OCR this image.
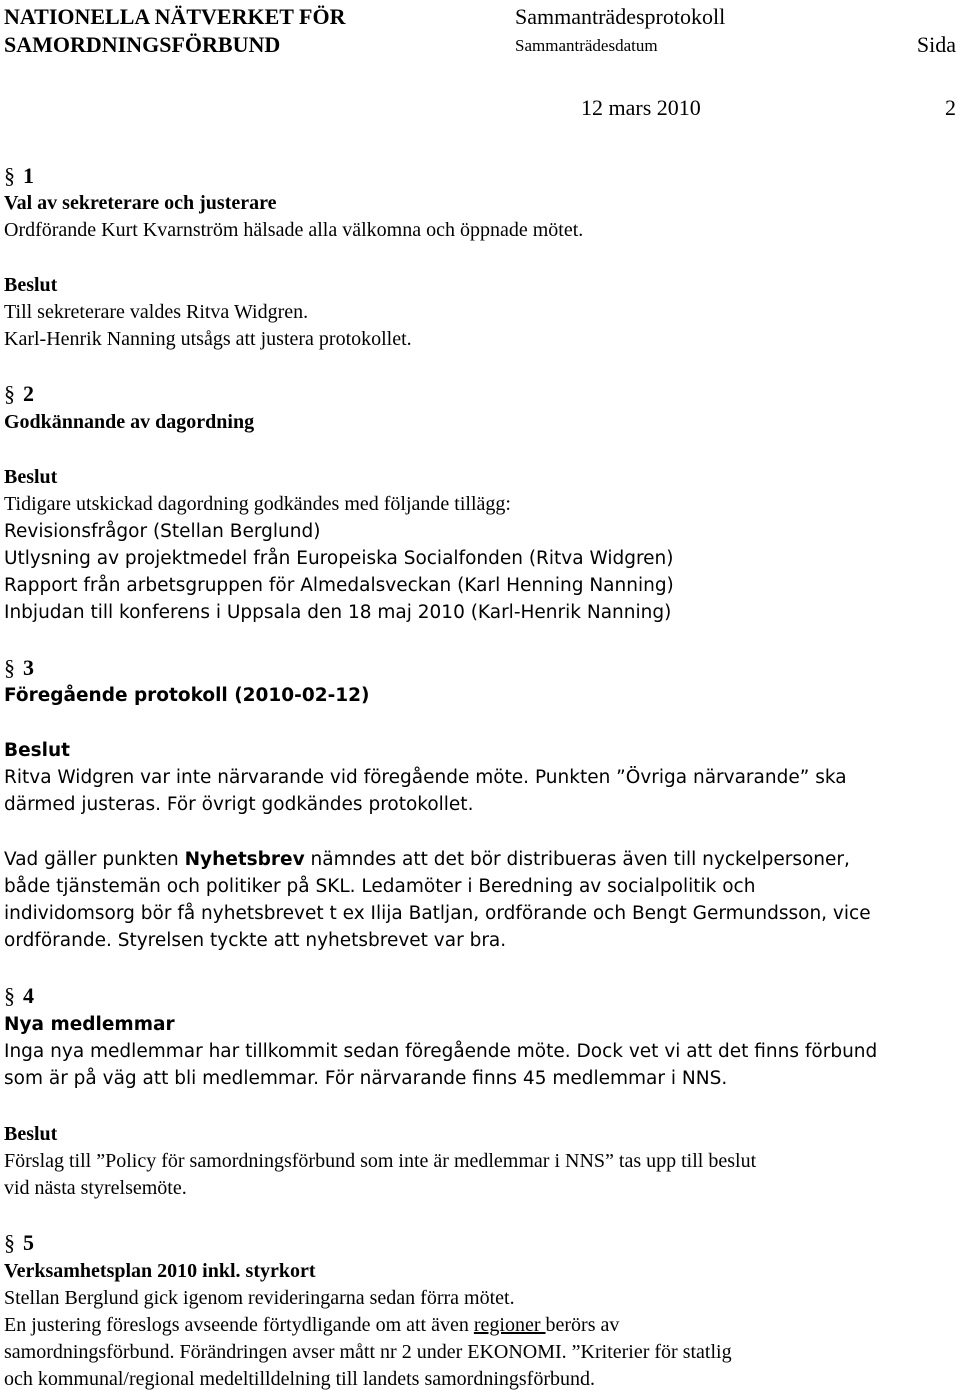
NATIONELLA NÄTVERKET FÖR
SAMORDNINGSFÖRBUND
Sammanträdesprotokoll
Sammanträdesdatum	Sida
12 mars 2010	2
§ 1
Val av sekreterare och justerare
Ordförande Kurt Kvarnström hälsade alla välkomna och öppnade mötet.
Beslut
Till sekreterare valdes Ritva Widgren.
Karl-Henrik Nanning utsågs att justera protokollet.
§ 2
Godkännande av dagordning
Beslut
Tidigare utskickad dagordning godkändes med följande tillägg:
Revisionsfrågor (Stellan Berglund)
Utlysning av projektmedel från Europeiska Socialfonden (Ritva Widgren)
Rapport från arbetsgruppen för Almedalsveckan (Karl Henning Nanning)
Inbjudan till konferens i Uppsala den 18 maj 2010 (Karl-Henrik Nanning)
§ 3
Föregående protokoll (2010-02-12)
Beslut
Ritva Widgren var inte närvarande vid föregående möte. Punkten ”Övriga närvarande” ska
därmed justeras. För övrigt godkändes protokollet.
Vad gäller punkten Nyhetsbrev nämndes att det bör distribueras även till nyckelpersoner,
både tjänstemän och politiker på SKL. Ledamöter i Beredning av socialpolitik och
individomsorg bör få nyhetsbrevet t ex Ilija Batljan, ordförande och Bengt Germundsson, vice
ordförande. Styrelsen tyckte att nyhetsbrevet var bra.
§ 4
Nya medlemmar
Inga nya medlemmar har tillkommit sedan föregående möte. Dock vet vi att det finns förbund
som är på väg att bli medlemmar. För närvarande finns 45 medlemmar i NNS.
Beslut
Förslag till ”Policy för samordningsförbund som inte är medlemmar i NNS” tas upp till beslut
vid nästa styrelsemöte.
§ 5
Verksamhetsplan 2010 inkl. styrkort
Stellan Berglund gick igenom revideringarna sedan förra mötet.
En justering föreslogs avseende förtydligande om att även regioner berörs av
samordningsförbund. Förändringen avser mått nr 2 under EKONOMI. ”Kriterier för statlig
och kommunal/regional medeltilldelning till landets samordningsförbund.
